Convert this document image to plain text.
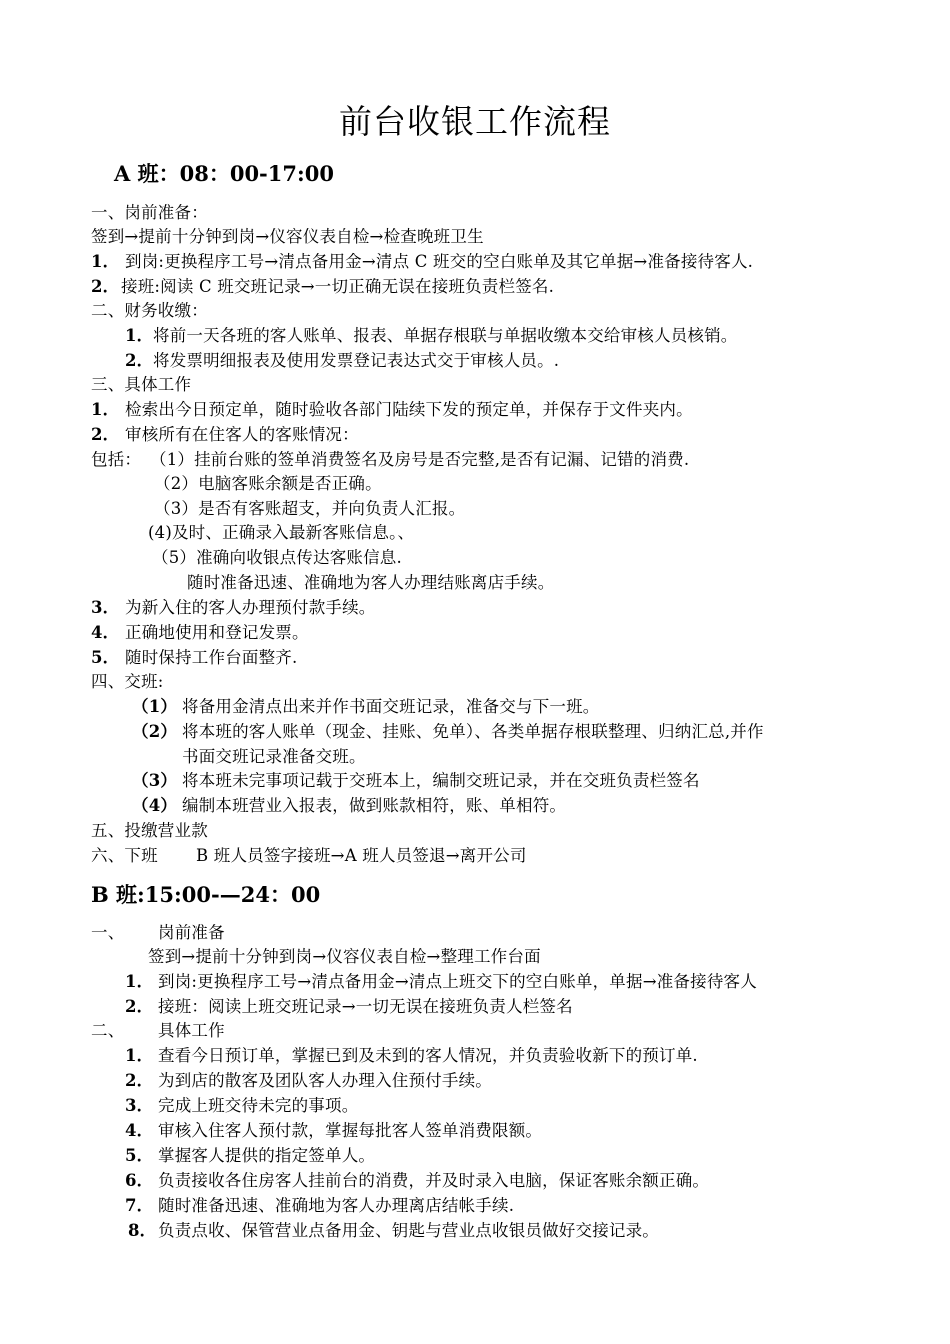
前台收银工作流程
A 班：08：00-17:00
一、岗前准备：
签到→提前十分钟到岗→仪容仪表自检→检查晚班卫生
1． 到岗:更换程序工号→清点备用金→清点 C 班交的空白账单及其它单据→准备接待客人.
2．接班:阅读 C 班交班记录→一切正确无误在接班负责栏签名.
二、财务收缴：
1．将前一天各班的客人账单、报表、单据存根联与单据收缴本交给审核人员核销。
2．将发票明细报表及使用发票登记表达式交于审核人员。.
三、具体工作
1． 检索出今日预定单，随时验收各部门陆续下发的预定单，并保存于文件夹内。
2． 审核所有在住客人的客账情况：
包括： （1）挂前台账的签单消费签名及房号是否完整,是否有记漏、记错的消费.
（2）电脑客账余额是否正确。
（3）是否有客账超支，并向负责人汇报。
(4)及时、正确录入最新客账信息。、
（5）准确向收银点传达客账信息.
随时准备迅速、准确地为客人办理结账离店手续。
3． 为新入住的客人办理预付款手续。
4． 正确地使用和登记发票。
5． 随时保持工作台面整齐.
四、交班:
（1） 将备用金清点出来并作书面交班记录，准备交与下一班。
（2） 将本班的客人账单（现金、挂账、免单）、各类单据存根联整理、归纳汇总,并作
书面交班记录准备交班。
（3） 将本班未完事项记载于交班本上，编制交班记录，并在交班负责栏签名
（4） 编制本班营业入报表，做到账款相符，账、单相符。
五、投缴营业款
六、下班 B 班人员签字接班→A 班人员签退→离开公司
B 班:15:00-—24：00
一、 岗前准备
签到→提前十分钟到岗→仪容仪表自检→整理工作台面
1． 到岗:更换程序工号→清点备用金→清点上班交下的空白账单，单据→准备接待客人
2． 接班：阅读上班交班记录→一切无误在接班负责人栏签名
二、 具体工作
1． 查看今日预订单，掌握已到及未到的客人情况，并负责验收新下的预订单.
2． 为到店的散客及团队客人办理入住预付手续。
3． 完成上班交待未完的事项。
4． 审核入住客人预付款，掌握每批客人签单消费限额。
5． 掌握客人提供的指定签单人。
6． 负责接收各住房客人挂前台的消费，并及时录入电脑，保证客账余额正确。
7． 随时准备迅速、准确地为客人办理离店结帐手续.
8．负责点收、保管营业点备用金、钥匙与营业点收银员做好交接记录。
